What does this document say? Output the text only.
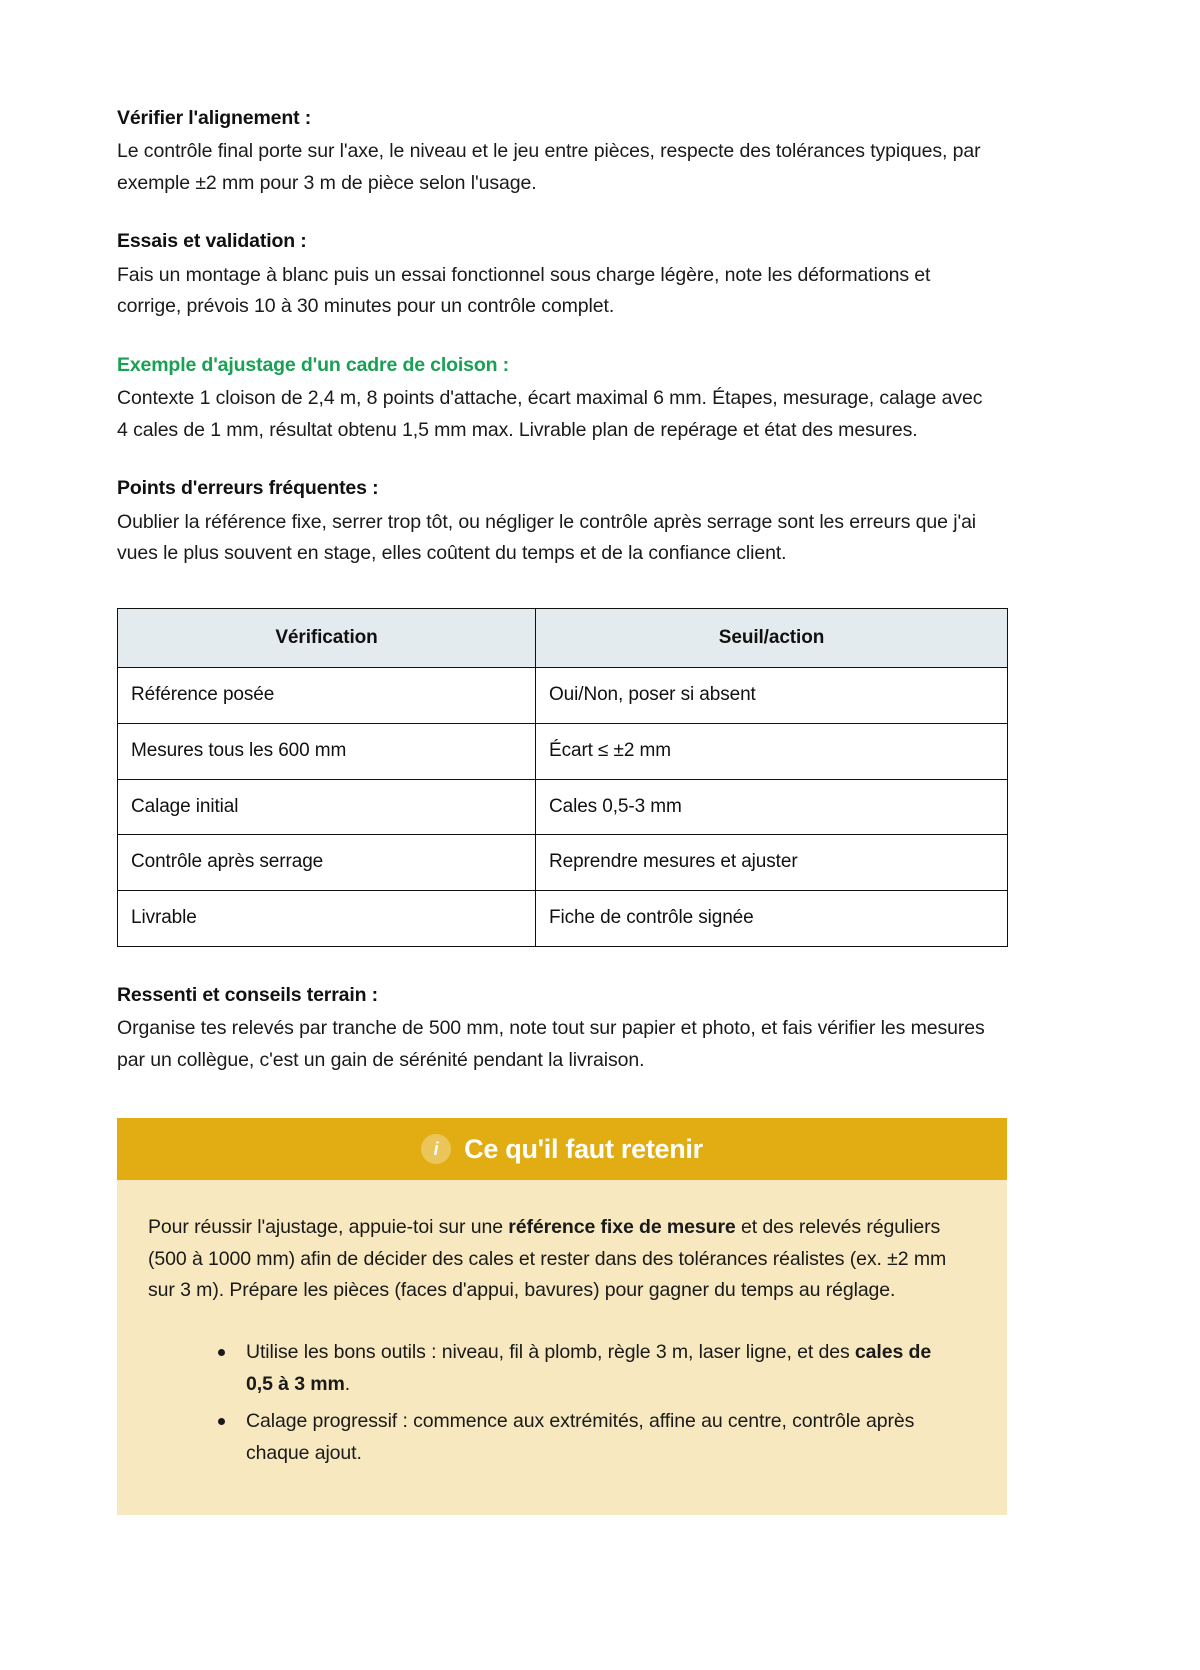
Vérifier l'alignement :

Le contrôle final porte sur l'axe, le niveau et le jeu entre pièces, respecte des tolérances typiques, par exemple ±2 mm pour 3 m de pièce selon l'usage.

Essais et validation :

Fais un montage à blanc puis un essai fonctionnel sous charge légère, note les déformations et corrige, prévois 10 à 30 minutes pour un contrôle complet.

Exemple d'ajustage d'un cadre de cloison :

Contexte 1 cloison de 2,4 m, 8 points d'attache, écart maximal 6 mm. Étapes, mesurage, calage avec 4 cales de 1 mm, résultat obtenu 1,5 mm max. Livrable plan de repérage et état des mesures.

Points d'erreurs fréquentes :

Oublier la référence fixe, serrer trop tôt, ou négliger le contrôle après serrage sont les erreurs que j'ai vues le plus souvent en stage, elles coûtent du temps et de la confiance client.

Vérification	Seuil/action
Référence posée	Oui/Non, poser si absent
Mesures tous les 600 mm	Écart ≤ ±2 mm
Calage initial	Cales 0,5-3 mm
Contrôle après serrage	Reprendre mesures et ajuster
Livrable	Fiche de contrôle signée
Ressenti et conseils terrain :

Organise tes relevés par tranche de 500 mm, note tout sur papier et photo, et fais vérifier les mesures par un collègue, c'est un gain de sérénité pendant la livraison.

i Ce qu'il faut retenir

Pour réussir l'ajustage, appuie-toi sur une référence fixe de mesure et des relevés réguliers (500 à 1000 mm) afin de décider des cales et rester dans des tolérances réalistes (ex. ±2 mm sur 3 m). Prépare les pièces (faces d'appui, bavures) pour gagner du temps au réglage.

Utilise les bons outils : niveau, fil à plomb, règle 3 m, laser ligne, et des cales de 0,5 à 3 mm.
Calage progressif : commence aux extrémités, affine au centre, contrôle après chaque ajout.
